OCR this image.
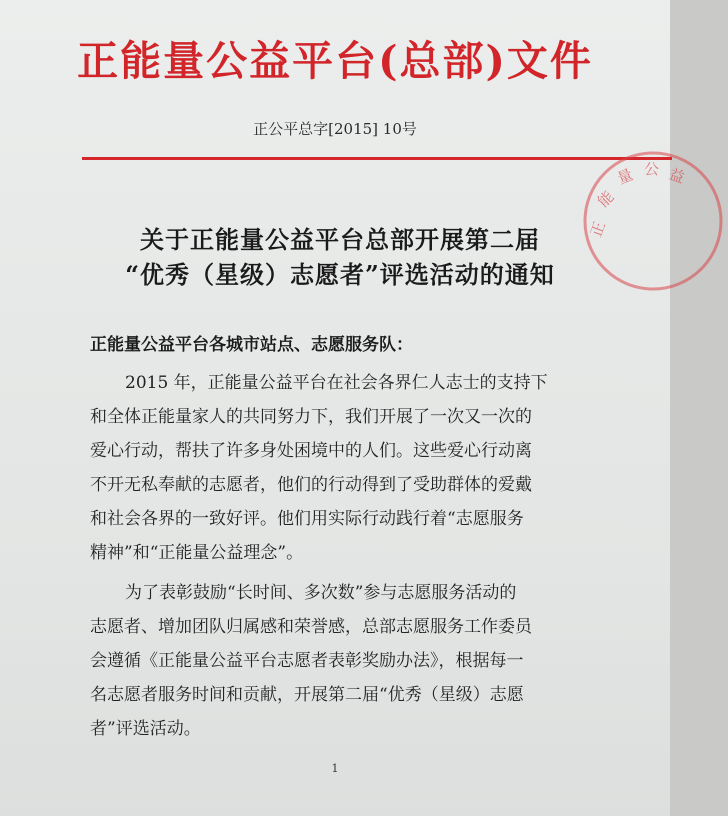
正能量公益平台(总部)文件
正公平总字[2015] 10号
正
能
量 公 益
关于正能量公益平台总部开展第二届
“优秀（星级）志愿者”评选活动的通知
正能量公益平台各城市站点、志愿服务队：
2015 年，正能量公益平台在社会各界仁人志士的支持下
和全体正能量家人的共同努力下，我们开展了一次又一次的
爱心行动，帮扶了许多身处困境中的人们。这些爱心行动离
不开无私奉献的志愿者，他们的行动得到了受助群体的爱戴
和社会各界的一致好评。他们用实际行动践行着“志愿服务
精神”和“正能量公益理念”。
为了表彰鼓励“长时间、多次数”参与志愿服务活动的
志愿者、增加团队归属感和荣誉感，总部志愿服务工作委员
会遵循《正能量公益平台志愿者表彰奖励办法》，根据每一
名志愿者服务时间和贡献，开展第二届“优秀（星级）志愿
者”评选活动。
1
